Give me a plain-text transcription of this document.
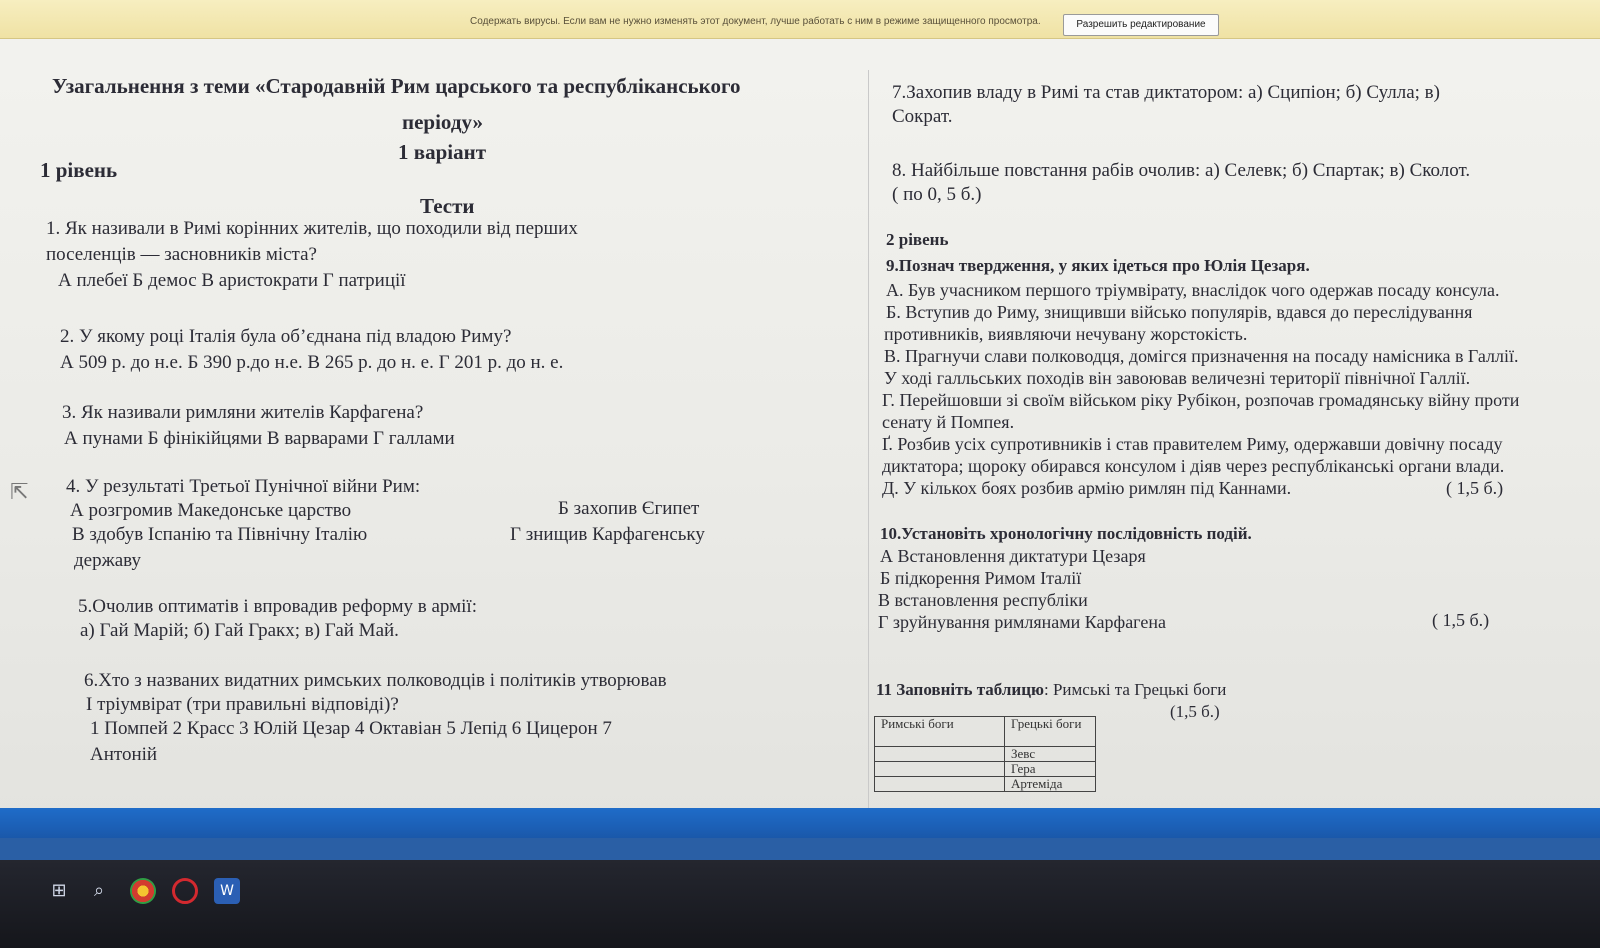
Содержать вирусы. Если вам не нужно изменять этот документ, лучше работать с ним в режиме защищенного просмотра.	Разрешить редактирование
Узагальнення з теми «Стародавній Рим царського та республіканського
періоду»
1 варіант
1 рівень
Тести
1. Як називали в Римі корінних жителів, що походили від перших
поселенців — засновників міста?
А плебеї Б демос В аристократи Г патриції
2. У якому році Італія була об’єднана під владою Риму?
А 509 р. до н.е. Б 390 р.до н.е. В 265 р. до н. е. Г 201 р. до н. е.
3. Як називали римляни жителів Карфагена?
А пунами Б фінікійцями В варварами Г галлами
4. У результаті Третьої Пунічної війни Рим:
А розгромив Македонське царство	Б захопив Єгипет
В здобув Іспанію та Північну Італію	Г знищив Карфагенську
державу
5.Очолив оптиматів і впровадив реформу в армії:
а) Гай Марій; б) Гай Гракх; в) Гай Май.
6.Хто з названих видатних римських полководців і політиків утворював
І тріумвірат (три правильні відповіді)?
1 Помпей 2 Красс 3 Юлій Цезар 4 Октавіан 5 Лепід 6 Цицерон 7
Антоній
7.Захопив владу в Римі та став диктатором: а) Сципіон; б) Сулла; в)
Сократ.
8. Найбільше повстання рабів очолив: а) Селевк; б) Спартак; в) Сколот.
( по 0, 5 б.)
2 рівень
9.Познач твердження, у яких ідеться про Юлія Цезаря.
А. Був учасником першого тріумвірату, внаслідок чого одержав посаду консула.
Б. Вступив до Риму, знищивши військо популярів, вдався до переслідування
противників, виявляючи нечувану жорстокість.
В. Прагнучи слави полководця, домігся призначення на посаду намісника в Галлії.
У ході галльських походів він завоював величезні території північної Галлії.
Г. Перейшовши зі своїм військом ріку Рубікон, розпочав громадянську війну проти
сенату й Помпея.
Ґ. Розбив усіх супротивників і став правителем Риму, одержавши довічну посаду
диктатора; щороку обирався консулом і діяв через республіканські органи влади.
Д. У кількох боях розбив армію римлян під Каннами.	( 1,5 б.)
10.Установіть хронологічну послідовність подій.
А Встановлення диктатури Цезаря
Б підкорення Римом Італії
В встановлення республіки
Г зруйнування римлянами Карфагена	( 1,5 б.)
11 Заповніть таблицю: Римські та Грецькі боги
(1,5 б.)
Римські боги	Грецькі боги

	Зевс
	Гера
	Артеміда
⇱
⊞	⌕	W
